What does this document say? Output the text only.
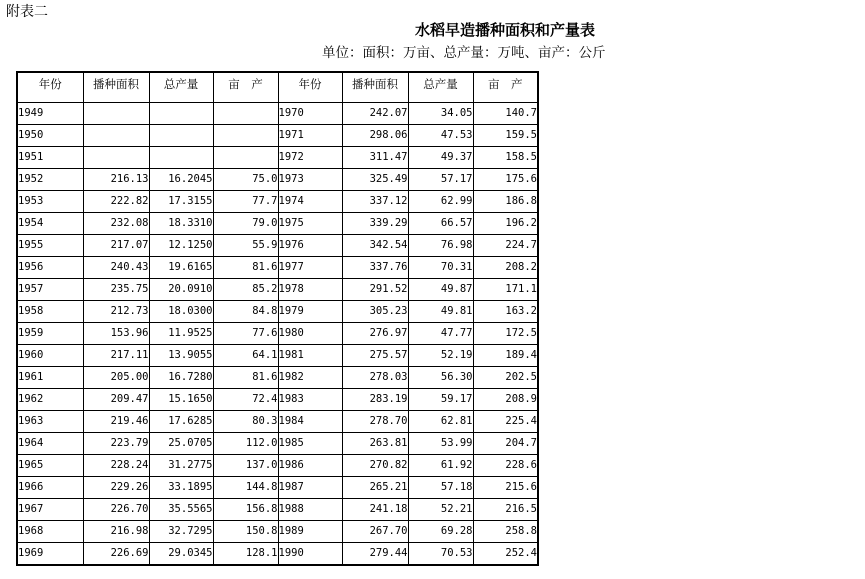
附表二
水稻早造播种面积和产量表
单位：面积：万亩、总产量：万吨、亩产：公斤
年份	播种面积	总产量	亩　产	年份	播种面积	总产量	亩　产
1949				1970	242.07	34.05	140.7
1950				1971	298.06	47.53	159.5
1951				1972	311.47	49.37	158.5
1952	216.13	16.2045	75.0	1973	325.49	57.17	175.6
1953	222.82	17.3155	77.7	1974	337.12	62.99	186.8
1954	232.08	18.3310	79.0	1975	339.29	66.57	196.2
1955	217.07	12.1250	55.9	1976	342.54	76.98	224.7
1956	240.43	19.6165	81.6	1977	337.76	70.31	208.2
1957	235.75	20.0910	85.2	1978	291.52	49.87	171.1
1958	212.73	18.0300	84.8	1979	305.23	49.81	163.2
1959	153.96	11.9525	77.6	1980	276.97	47.77	172.5
1960	217.11	13.9055	64.1	1981	275.57	52.19	189.4
1961	205.00	16.7280	81.6	1982	278.03	56.30	202.5
1962	209.47	15.1650	72.4	1983	283.19	59.17	208.9
1963	219.46	17.6285	80.3	1984	278.70	62.81	225.4
1964	223.79	25.0705	112.0	1985	263.81	53.99	204.7
1965	228.24	31.2775	137.0	1986	270.82	61.92	228.6
1966	229.26	33.1895	144.8	1987	265.21	57.18	215.6
1967	226.70	35.5565	156.8	1988	241.18	52.21	216.5
1968	216.98	32.7295	150.8	1989	267.70	69.28	258.8
1969	226.69	29.0345	128.1	1990	279.44	70.53	252.4
